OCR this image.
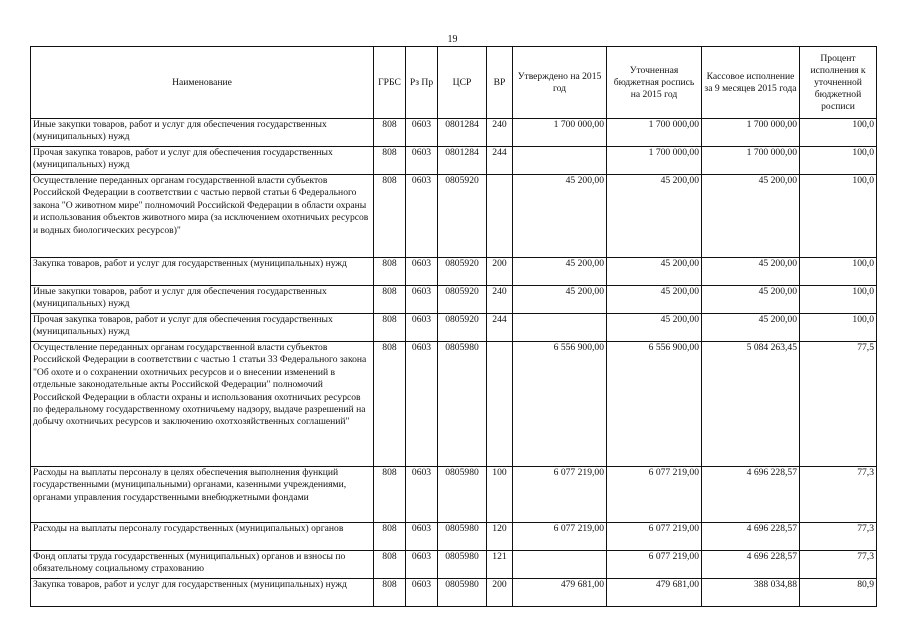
19
Наименование	ГРБС	Рз Пр	ЦСР	ВР	Утверждено на 2015 год	Уточненная бюджетная роспись на 2015 год	Кассовое исполнение за 9 месяцев 2015 года	Процент исполнения к уточненной бюджетной росписи
Иные закупки товаров, работ и услуг для обеспечения государственных (муниципальных) нужд	808	0603	0801284	240	1 700 000,00	1 700 000,00	1 700 000,00	100,0
Прочая закупка товаров, работ и услуг для обеспечения государственных (муниципальных) нужд	808	0603	0801284	244		1 700 000,00	1 700 000,00	100,0
Осуществление переданных органам государственной власти субъектов Российской Федерации в соответствии с частью первой статьи 6 Федерального закона "О животном мире" полномочий Российской Федерации в области охраны и использования объектов животного мира (за исключением охотничьих ресурсов и водных биологических ресурсов)"	808	0603	0805920		45 200,00	45 200,00	45 200,00	100,0
Закупка товаров, работ и услуг для государственных (муниципальных) нужд	808	0603	0805920	200	45 200,00	45 200,00	45 200,00	100,0
Иные закупки товаров, работ и услуг для обеспечения государственных (муниципальных) нужд	808	0603	0805920	240	45 200,00	45 200,00	45 200,00	100,0
Прочая закупка товаров, работ и услуг для обеспечения государственных (муниципальных) нужд	808	0603	0805920	244		45 200,00	45 200,00	100,0
Осуществление переданных органам государственной власти субъектов Российской Федерации в соответствии с частью 1 статьи 33 Федерального закона "Об охоте и о сохранении охотничьих ресурсов и о внесении изменений в отдельные законодательные акты Российской Федерации" полномочий Российской Федерации в области охраны и использования охотничьих ресурсов по федеральному государственному охотничьему надзору, выдаче разрешений на добычу охотничьих ресурсов и заключению охотхозяйственных соглашений"	808	0603	0805980		6 556 900,00	6 556 900,00	5 084 263,45	77,5
Расходы на выплаты персоналу в целях обеспечения выполнения функций государственными (муниципальными) органами, казенными учреждениями, органами управления государственными внебюджетными фондами	808	0603	0805980	100	6 077 219,00	6 077 219,00	4 696 228,57	77,3
Расходы на выплаты персоналу государственных (муниципальных) органов	808	0603	0805980	120	6 077 219,00	6 077 219,00	4 696 228,57	77,3
Фонд оплаты труда государственных (муниципальных) органов и взносы по обязательному социальному страхованию	808	0603	0805980	121		6 077 219,00	4 696 228,57	77,3
Закупка товаров, работ и услуг для государственных (муниципальных) нужд	808	0603	0805980	200	479 681,00	479 681,00	388 034,88	80,9
